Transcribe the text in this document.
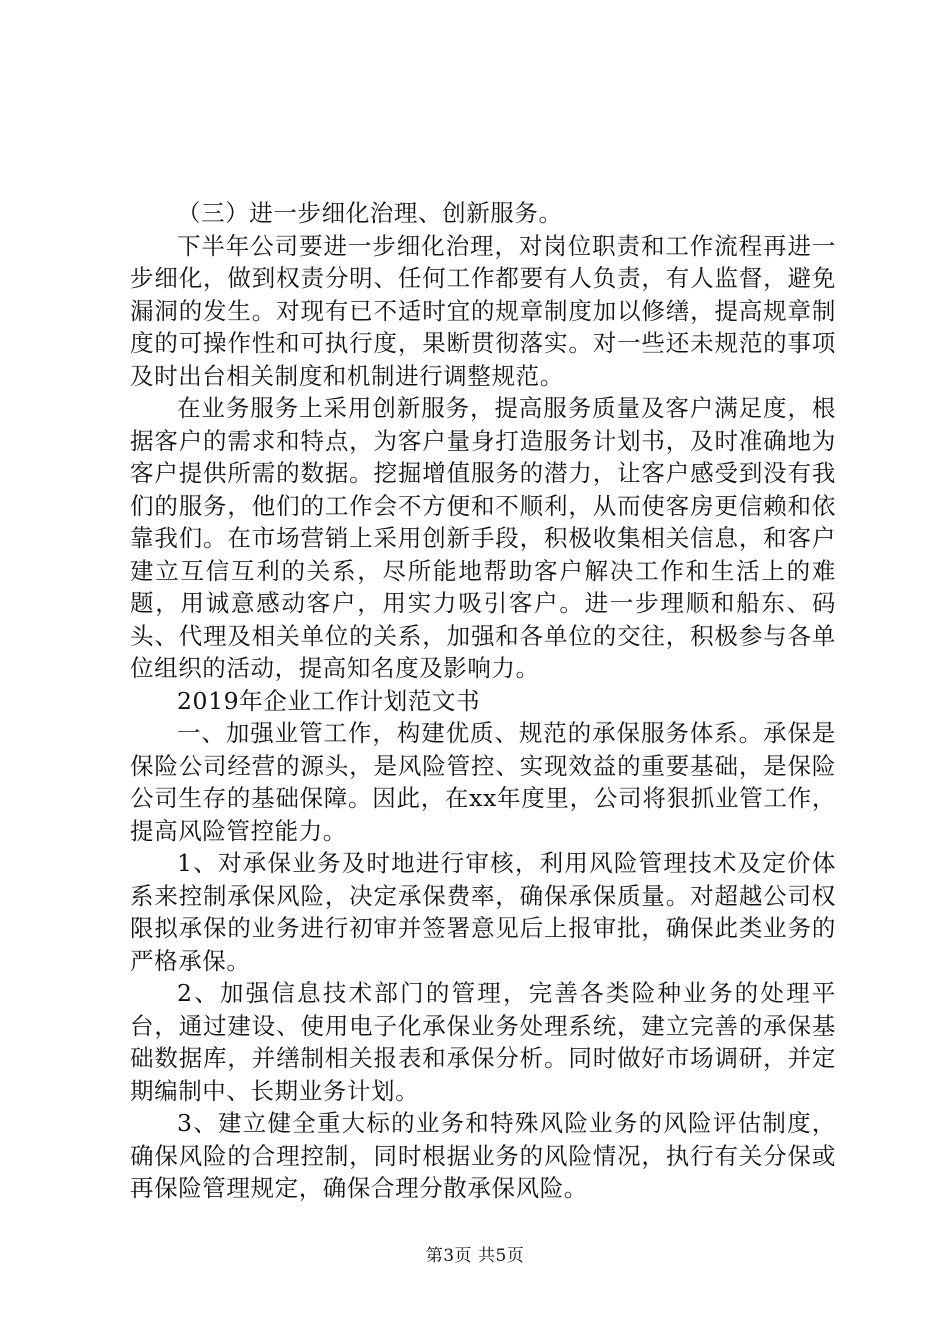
（三）进一步细化治理、创新服务。

下半年公司要进一步细化治理，对岗位职责和工作流程再进一步细化，做到权责分明、任何工作都要有人负责，有人监督，避免漏洞的发生。对现有已不适时宜的规章制度加以修缮，提高规章制度的可操作性和可执行度，果断贯彻落实。对一些还未规范的事项及时出台相关制度和机制进行调整规范。

在业务服务上采用创新服务，提高服务质量及客户满足度，根据客户的需求和特点，为客户量身打造服务计划书，及时准确地为客户提供所需的数据。挖掘增值服务的潜力，让客户感受到没有我们的服务，他们的工作会不方便和不顺利，从而使客房更信赖和依靠我们。在市场营销上采用创新手段，积极收集相关信息，和客户建立互信互利的关系，尽所能地帮助客户解决工作和生活上的难题，用诚意感动客户，用实力吸引客户。进一步理顺和船东、码头、代理及相关单位的关系，加强和各单位的交往，积极参与各单位组织的活动，提高知名度及影响力。

2019年企业工作计划范文书

一、加强业管工作，构建优质、规范的承保服务体系。承保是保险公司经营的源头，是风险管控、实现效益的重要基础，是保险公司生存的基础保障。因此，在xx年度里，公司将狠抓业管工作，提高风险管控能力。

1、对承保业务及时地进行审核，利用风险管理技术及定价体系来控制承保风险，决定承保费率，确保承保质量。对超越公司权限拟承保的业务进行初审并签署意见后上报审批，确保此类业务的严格承保。

2、加强信息技术部门的管理，完善各类险种业务的处理平台，通过建设、使用电子化承保业务处理系统，建立完善的承保基础数据库，并缮制相关报表和承保分析。同时做好市场调研，并定期编制中、长期业务计划。

3、建立健全重大标的业务和特殊风险业务的风险评估制度，确保风险的合理控制，同时根据业务的风险情况，执行有关分保或再保险管理规定，确保合理分散承保风险。

第3页 共5页
